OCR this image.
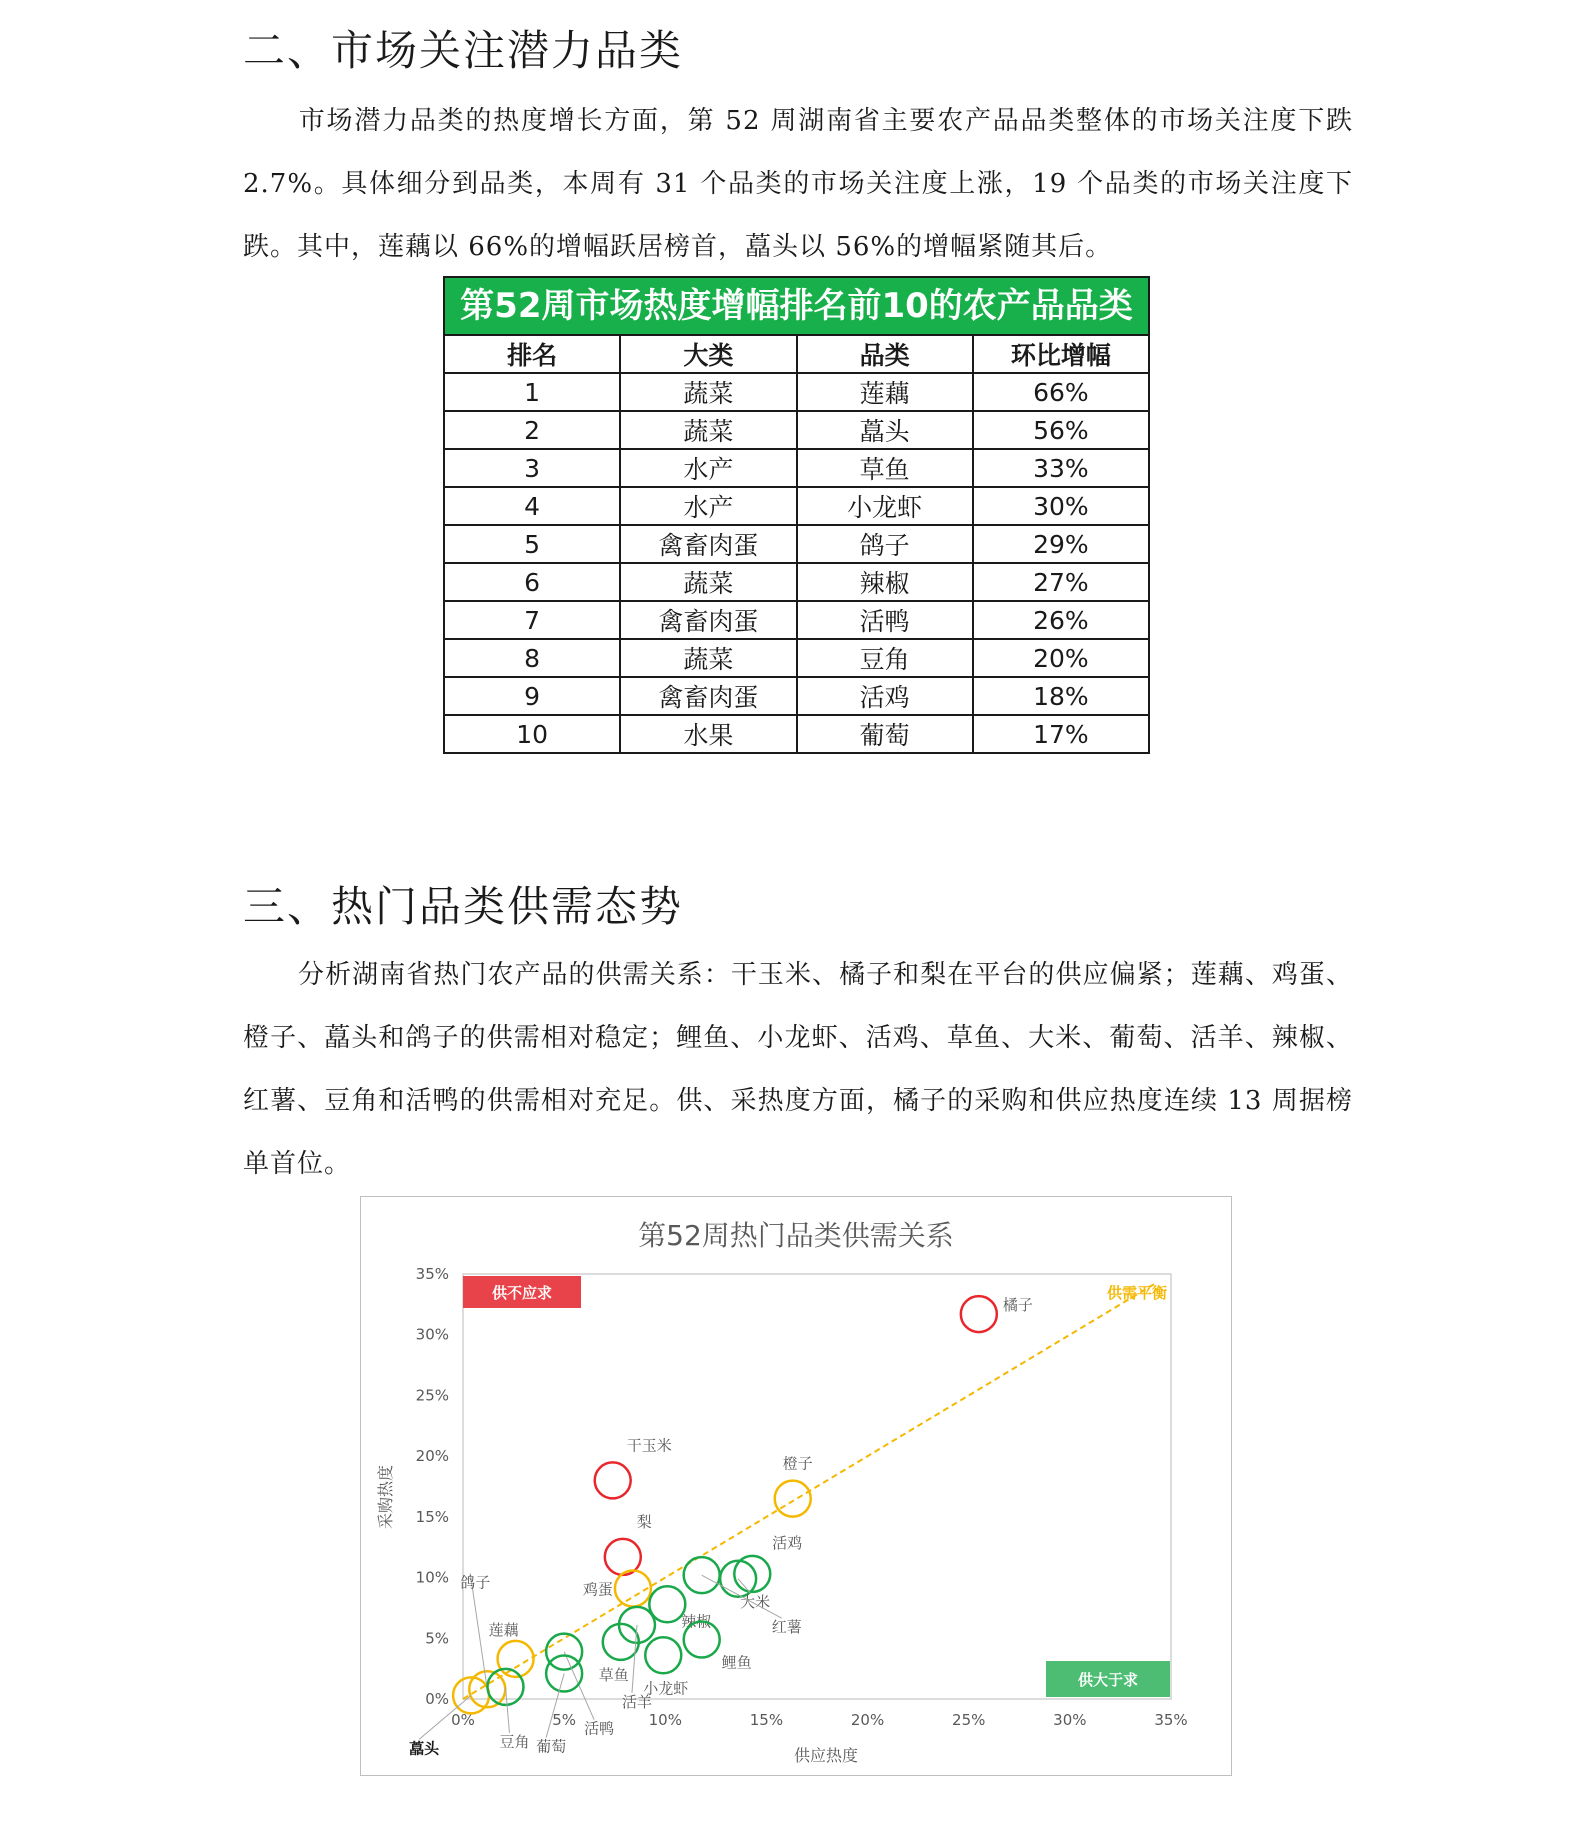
二、市场关注潜力品类

市场潜力品类的热度增长方面，第 52 周湖南省主要农产品品类整体的市场关注度下跌 2.7%。具体细分到品类，本周有 31 个品类的市场关注度上涨，19 个品类的市场关注度下跌。其中，莲藕以 66%的增幅跃居榜首，藠头以 56%的增幅紧随其后。

第52周市场热度增幅排名前10的农产品品类
排名	大类	品类	环比增幅
1	蔬菜	莲藕	66%
2	蔬菜	藠头	56%
3	水产	草鱼	33%
4	水产	小龙虾	30%
5	禽畜肉蛋	鸽子	29%
6	蔬菜	辣椒	27%
7	禽畜肉蛋	活鸭	26%
8	蔬菜	豆角	20%
9	禽畜肉蛋	活鸡	18%
10	水果	葡萄	17%
三、热门品类供需态势

分析湖南省热门农产品的供需关系：干玉米、橘子和梨在平台的供应偏紧；莲藕、鸡蛋、橙子、藠头和鸽子的供需相对稳定；鲤鱼、小龙虾、活鸡、草鱼、大米、葡萄、活羊、辣椒、红薯、豆角和活鸭的供需相对充足。供、采热度方面，橘子的采购和供应热度连续 13 周据榜单首位。

第52周热门品类供需关系
供应热度
采购热度
0%
5%
10%
15%
20%
25%
30%
35%
0%	5%	10%	15%	20%	25%	30%	35%
供需平衡
供不应求
供大于求
橘子
干玉米
梨
橙子
鸡蛋
莲藕
鸽子
藠头
活鸡
大米
红薯
辣椒
鲤鱼
小龙虾
草鱼
活羊
活鸭
葡萄
豆角
